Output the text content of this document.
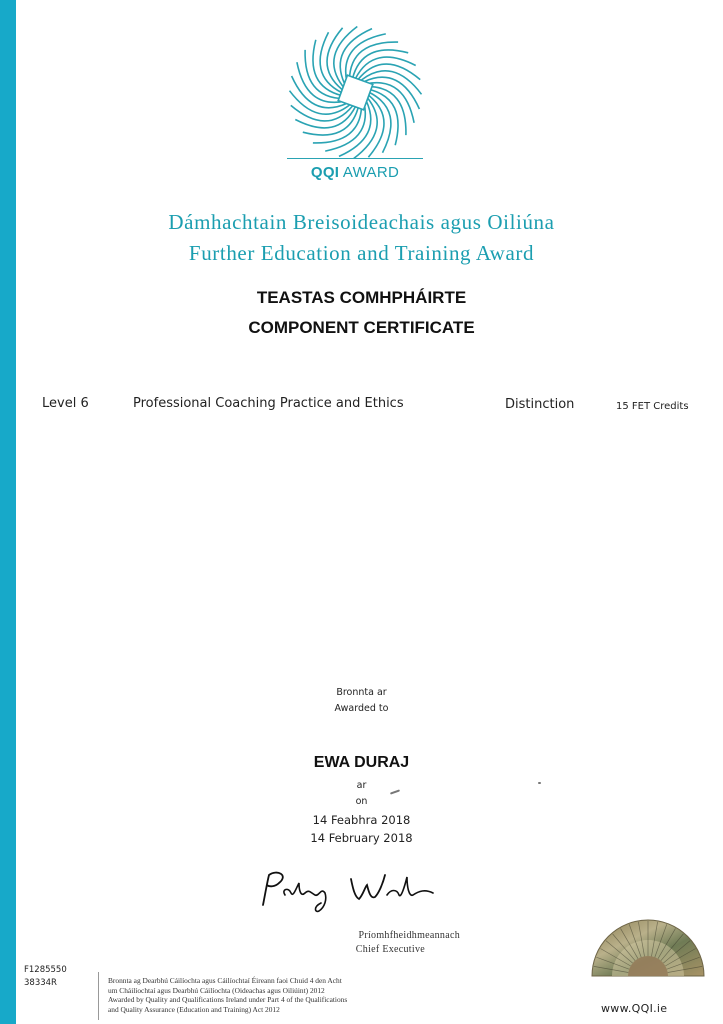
QQI AWARD
Dámhachtain Breisoideachais agus Oiliúna
Further Education and Training Award
TEASTAS COMHPHÁIRTE
COMPONENT CERTIFICATE
Level 6	Professional Coaching Practice and Ethics	Distinction	15 FET Credits
Bronnta ar
Awarded to
EWA DURAJ
ar
on
14 Feabhra 2018
14 February 2018
Príomhfheidhmeannach
Chief Executive
F1285550
38334R	Bronnta ag Dearbhú Cáilíochta agus Cáilíochtaí Éireann faoi Chuid 4 den Acht
um Cháilíochtaí agus Dearbhú Cáilíochta (Oideachas agus Oiliúint) 2012
Awarded by Quality and Qualifications Ireland under Part 4 of the Qualifications
and Quality Assurance (Education and Training) Act 2012	www.QQI.ie
